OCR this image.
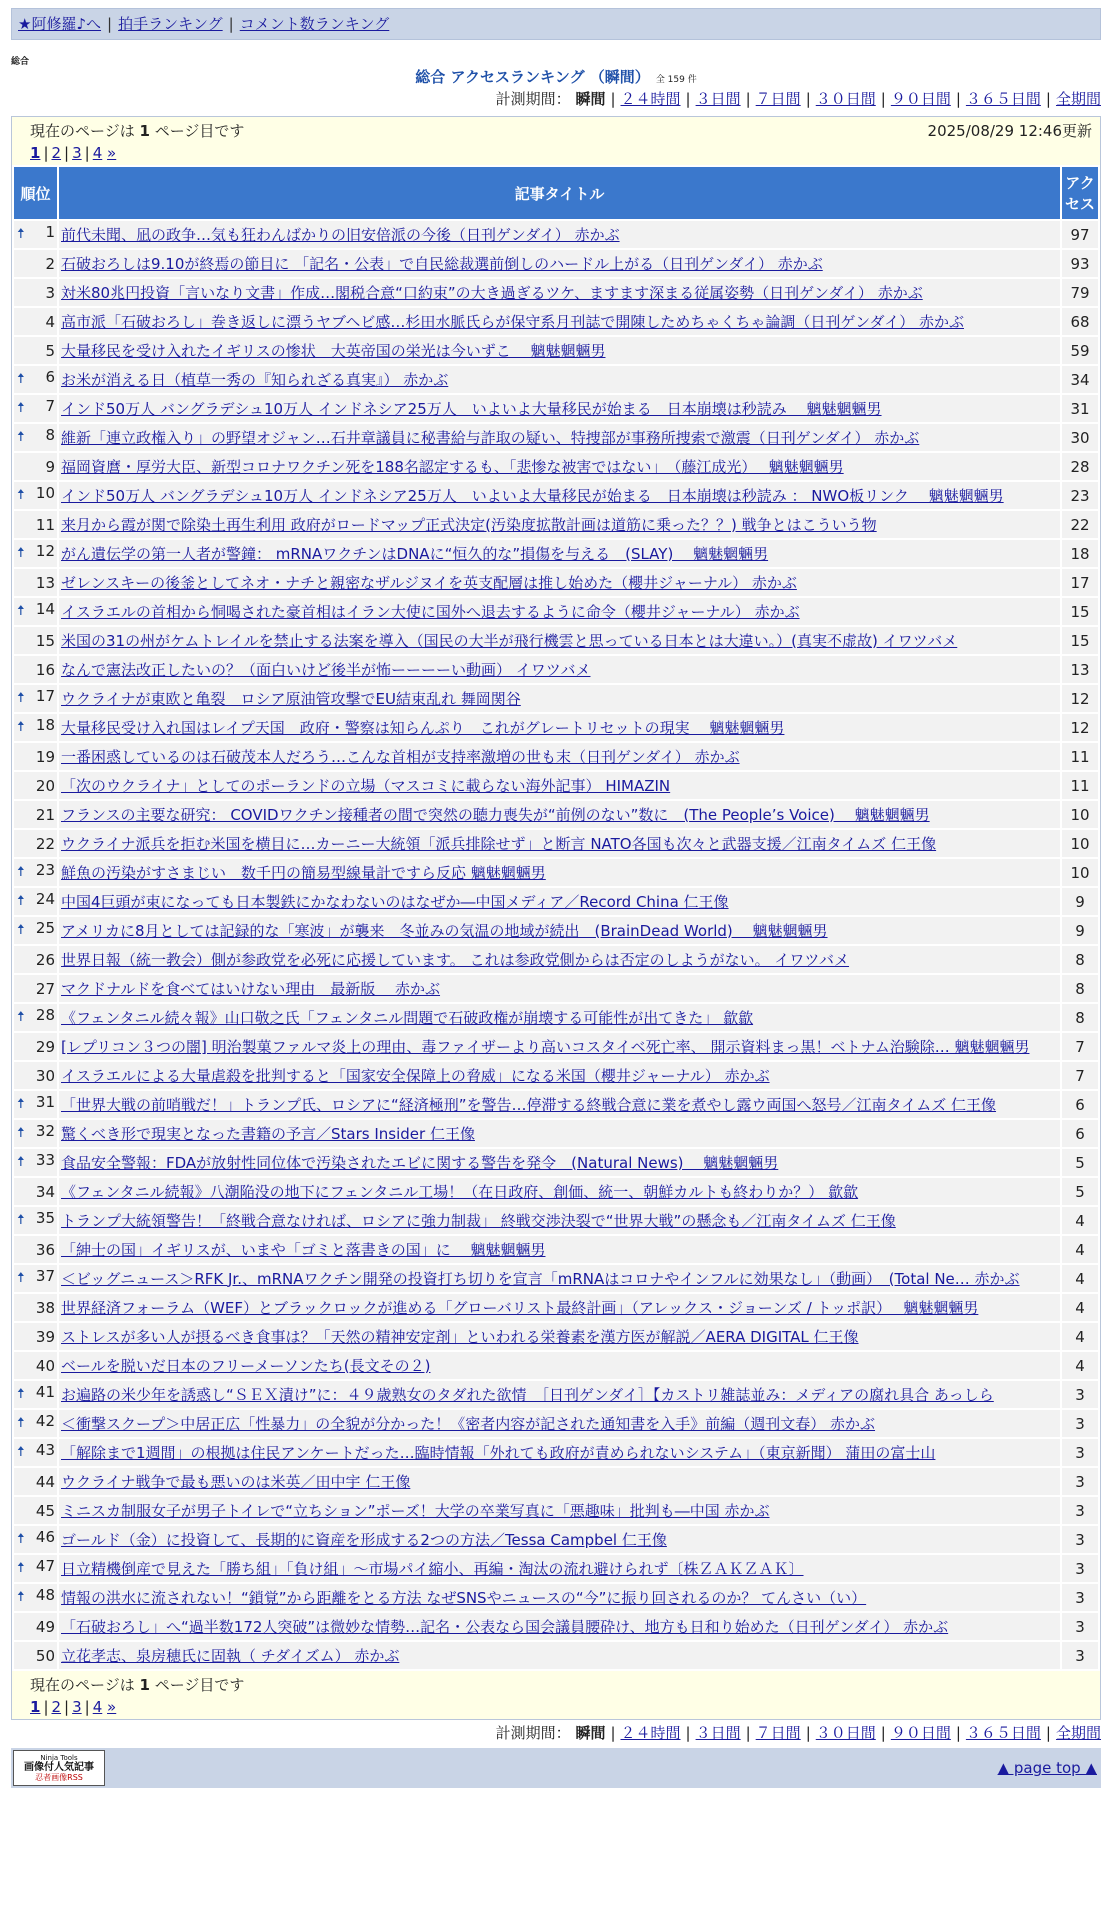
★阿修羅♪へ | 拍手ランキング | コメント数ランキング
総合
総合 アクセスランキング （瞬間） 全 159 件
計測期間： 瞬間 | ２４時間 | ３日間 | ７日間 | ３０日間 | ９０日間 | ３６５日間 | 全期間
現在のページは 1 ページ目です	2025/08/29 12:46更新
1 | 2 | 3 | 4 »
順位	記事タイトル	アクセス

🠅 1	前代未聞、凪の政争…気も狂わんばかりの旧安倍派の今後（日刊ゲンダイ） 赤かぶ	97
2	石破おろしは9.10が終焉の節目に 「記名・公表」で自民総裁選前倒しのハードル上がる（日刊ゲンダイ） 赤かぶ	93
3	対米80兆円投資「言いなり文書」作成…閣税合意“口約束”の大き過ぎるツケ、ますます深まる従属姿勢（日刊ゲンダイ） 赤かぶ	79
4	高市派「石破おろし」巻き返しに漂うヤブヘビ感…杉田水脈氏らが保守系月刊誌で開陳しためちゃくちゃ論調（日刊ゲンダイ） 赤かぶ	68
5	大量移民を受け入れたイギリスの惨状　大英帝国の栄光は今いずこ　 魑魅魍魎男	59

🠅 6	お米が消える日（植草一秀の『知られざる真実』） 赤かぶ	34

🠅 7	インド50万人 バングラデシュ10万人 インドネシア25万人　いよいよ大量移民が始まる　日本崩壊は秒読み　 魑魅魍魎男	31

🠅 8	維新「連立政権入り」の野望オジャン…石井章議員に秘書給与詐取の疑い、特捜部が事務所捜索で激震（日刊ゲンダイ） 赤かぶ	30
9	福岡資麿・厚労大臣、新型コロナワクチン死を188名認定するも、「悲惨な被害ではない」　（藤江成光）　 魑魅魍魎男	28

🠅 10	インド50万人 バングラデシュ10万人 インドネシア25万人　いよいよ大量移民が始まる　日本崩壊は秒読み ： NWO板リンク　 魑魅魍魎男	23
11	来月から霞が関で除染土再生利用 政府がロードマップ正式決定(汚染度拡散計画は道筋に乗った？？) 戦争とはこういう物	22

🠅 12	がん遺伝学の第一人者が警鐘： mRNAワクチンはDNAに“恒久的な”損傷を与える　(SLAY)　 魑魅魍魎男	18
13	ゼレンスキーの後釜としてネオ・ナチと親密なザルジヌイを英支配層は推し始めた（櫻井ジャーナル） 赤かぶ	17

🠅 14	イスラエルの首相から恫喝された豪首相はイラン大使に国外へ退去するように命令（櫻井ジャーナル） 赤かぶ	15
15	米国の31の州がケムトレイルを禁止する法案を導入（国民の大半が飛行機雲と思っている日本とは大違い。）(真実不虚故) イワツバメ	15
16	なんで憲法改正したいの？（面白いけど後半が怖ーーーーい動画） イワツバメ	13

🠅 17	ウクライナが東欧と亀裂　ロシア原油管攻撃でEU結束乱れ 舞岡関谷	12

🠅 18	大量移民受け入れ国はレイプ天国　政府・警察は知らんぷり　これがグレートリセットの現実　 魑魅魍魎男	12
19	一番困惑しているのは石破茂本人だろう…こんな首相が支持率激増の世も末（日刊ゲンダイ） 赤かぶ	11
20	「次のウクライナ」としてのポーランドの立場（マスコミに載らない海外記事） HIMAZIN	11
21	フランスの主要な研究： COVIDワクチン接種者の間で突然の聴力喪失が“前例のない”数に　(The People’s Voice)　 魑魅魍魎男	10
22	ウクライナ派兵を拒む米国を横目に…カーニー大統領「派兵排除せず」と断言 NATO各国も次々と武器支援／江南タイムズ 仁王像	10

🠅 23	鮮魚の汚染がすさまじい　数千円の簡易型線量計ですら反応 魑魅魍魎男	10

🠅 24	中国4巨頭が束になっても日本製鉄にかなわないのはなぜか―中国メディア／Record China 仁王像	9

🠅 25	アメリカに8月としては記録的な「寒波」が襲来　冬並みの気温の地域が続出　(BrainDead World)　 魑魅魍魎男	9
26	世界日報（統一教会）側が参政党を必死に応援しています。 これは参政党側からは否定のしようがない。 イワツバメ	8
27	マクドナルドを食べてはいけない理由　最新版　 赤かぶ	8

🠅 28	《フェンタニル続々報》山口敬之氏「フェンタニル問題で石破政権が崩壊する可能性が出てきた」 歙歙	8
29	[レプリコン３つの闇] 明治製菓ファルマ炎上の理由、毒ファイザーより高いコスタイベ死亡率、 開示資料まっ黒！ベトナム治験除… 魑魅魍魎男	7
30	イスラエルによる大量虐殺を批判すると「国家安全保障上の脅威」になる米国（櫻井ジャーナル） 赤かぶ	7

🠅 31	「世界大戦の前哨戦だ！」トランプ氏、ロシアに“経済極刑”を警告…停滞する終戦合意に業を煮やし露ウ両国へ怒号／江南タイムズ 仁王像	6

🠅 32	驚くべき形で現実となった書籍の予言／Stars Insider 仁王像	6

🠅 33	食品安全警報：FDAが放射性同位体で汚染されたエビに関する警告を発令　(Natural News)　 魑魅魍魎男	5
34	《フェンタニル続報》八潮陥没の地下にフェンタニル工場！（在日政府、創価、統一、朝鮮カルトも終わりか？） 歙歙	5

🠅 35	トランプ大統領警告！「終戦合意なければ、ロシアに強力制裁」 終戦交渉決裂で“世界大戦”の懸念も／江南タイムズ 仁王像	4
36	「紳士の国」イギリスが、いまや「ゴミと落書きの国」に　 魑魅魍魎男	4

🠅 37	＜ビッグニュース＞RFK Jr.、mRNAワクチン開発の投資打ち切りを宣言「mRNAはコロナやインフルに効果なし」（動画）　(Total Ne… 赤かぶ	4
38	世界経済フォーラム（WEF）とブラックロックが進める「グローバリスト最終計画」（アレックス・ジョーンズ / トッポ訳）　 魑魅魍魎男	4
39	ストレスが多い人が摂るべき食事は？「天然の精神安定剤」といわれる栄養素を漢方医が解説／AERA DIGITAL 仁王像	4
40	ベールを脱いだ日本のフリーメーソンたち(長文その２)	4

🠅 41	お遍路の米少年を誘惑し“ＳＥＸ漬け”に：４９歳熟女のタダれた欲情　［日刊ゲンダイ］【カストリ雑誌並み：メディアの腐れ具合 あっしら	3

🠅 42	＜衝撃スクープ＞中居正広「性暴力」の全貌が分かった！《密者内容が記された通知書を入手》前編（週刊文春） 赤かぶ	3

🠅 43	「解除まで1週間」の根拠は住民アンケートだった…臨時情報「外れても政府が責められないシステム」（東京新聞） 蒲田の富士山	3
44	ウクライナ戦争で最も悪いのは米英／田中宇 仁王像	3
45	ミニスカ制服女子が男子トイレで“立ちション”ポーズ！大学の卒業写真に「悪趣味」批判も―中国 赤かぶ	3

🠅 46	ゴールド（金）に投資して、長期的に資産を形成する2つの方法／Tessa Campbel 仁王像	3

🠅 47	日立精機倒産で見えた「勝ち組」「負け組」〜市場パイ縮小、再編・淘汰の流れ避けられず〔株ＺＡＫＺＡＫ〕	3

🠅 48	情報の洪水に流されない！“鎖覚”から距離をとる方法 なぜSNSやニュースの“今”に振り回されるのか？ てんさい（い）	3
49	「石破おろし」へ“過半数172人突破”は微妙な情勢…記名・公表なら国会議員腰砕け、地方も日和り始めた（日刊ゲンダイ） 赤かぶ	3
50	立花孝志、泉房穂氏に固執（ チダイズム） 赤かぶ	3
現在のページは 1 ページ目です
1 | 2 | 3 | 4 »
計測期間： 瞬間 | ２４時間 | ３日間 | ７日間 | ３０日間 | ９０日間 | ３６５日間 | 全期間
Ninja Tools
画像付人気記事
忍者画像RSS
▲ page top ▲
